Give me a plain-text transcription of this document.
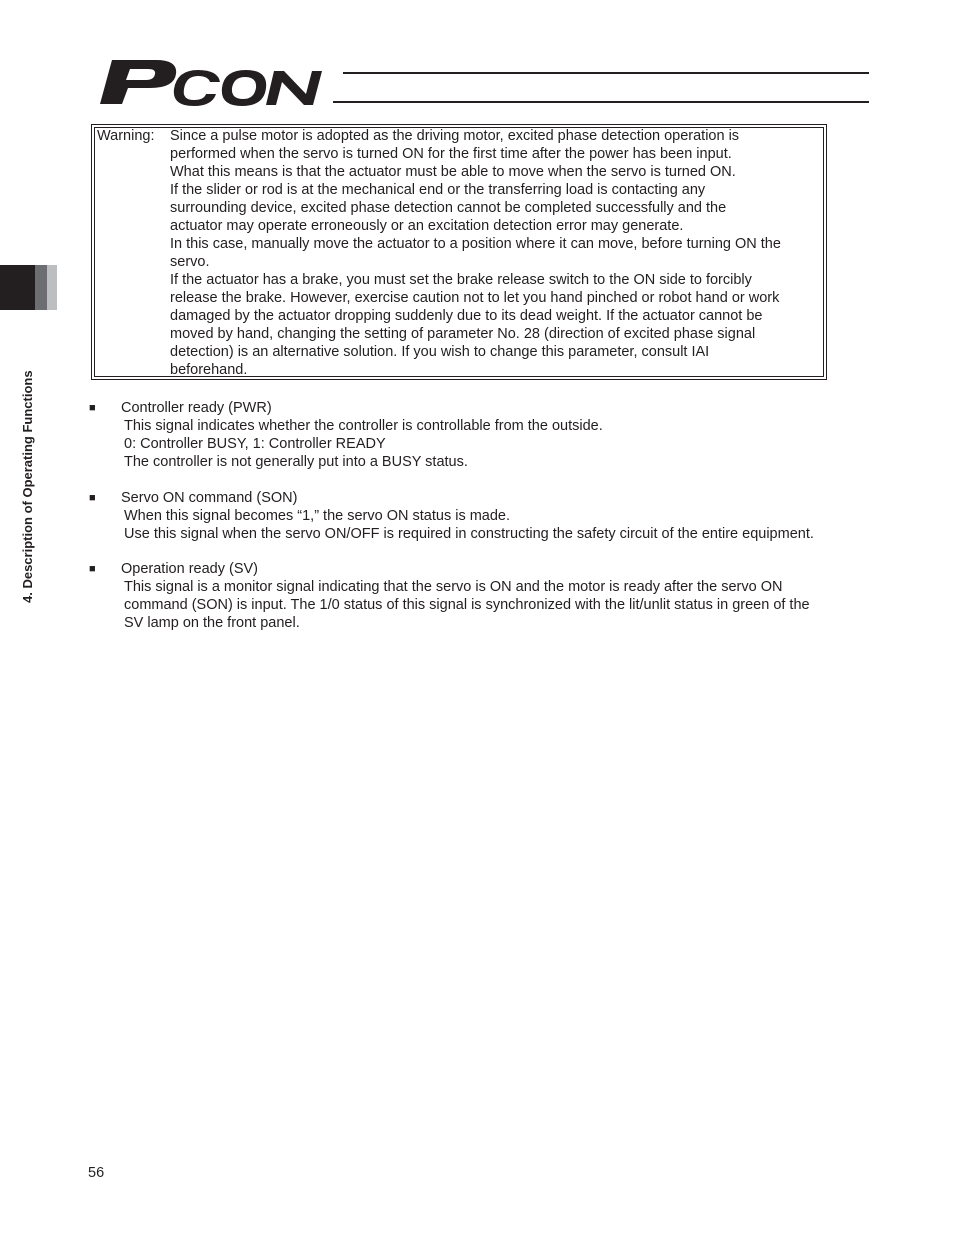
PCON
4. Description of Operating Functions
Warning: Since a pulse motor is adopted as the driving motor, excited phase detection operation is

performed when the servo is turned ON for the first time after the power has been input.

What this means is that the actuator must be able to move when the servo is turned ON.

If the slider or rod is at the mechanical end or the transferring load is contacting any

surrounding device, excited phase detection cannot be completed successfully and the

actuator may operate erroneously or an excitation detection error may generate.

In this case, manually move the actuator to a position where it can move, before turning ON the

servo.

If the actuator has a brake, you must set the brake release switch to the ON side to forcibly

release the brake. However, exercise caution not to let you hand pinched or robot hand or work

damaged by the actuator dropping suddenly due to its dead weight. If the actuator cannot be

moved by hand, changing the setting of parameter No. 28 (direction of excited phase signal

detection) is an alternative solution. If you wish to change this parameter, consult IAI

beforehand.

■ Controller ready (PWR)

This signal indicates whether the controller is controllable from the outside.

0: Controller BUSY, 1: Controller READY

The controller is not generally put into a BUSY status.

■ Servo ON command (SON)

When this signal becomes “1,” the servo ON status is made.

Use this signal when the servo ON/OFF is required in constructing the safety circuit of the entire equipment.

■ Operation ready (SV)

This signal is a monitor signal indicating that the servo is ON and the motor is ready after the servo ON

command (SON) is input. The 1/0 status of this signal is synchronized with the lit/unlit status in green of the

SV lamp on the front panel.

56
